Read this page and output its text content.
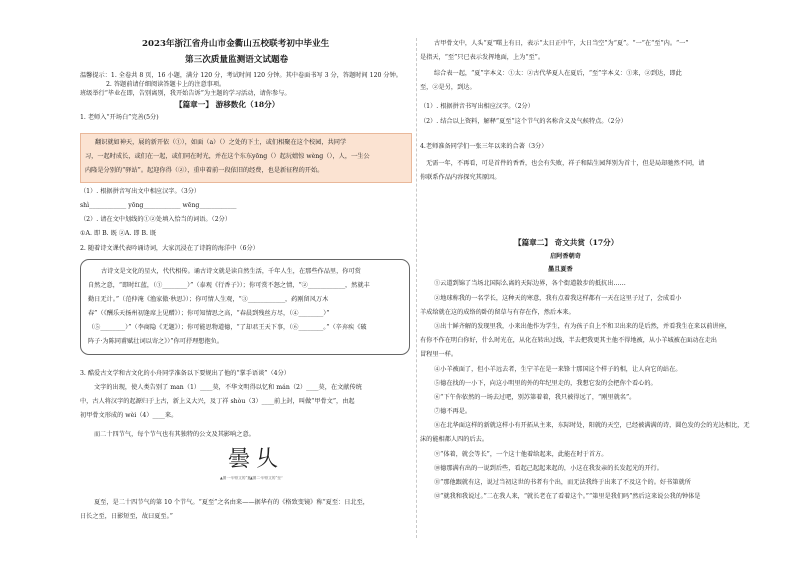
2023年浙江省舟山市金衢山五校联考初中毕业生
第三次质量监测语文试题卷
温馨提示：1. 全卷共 8 页，16 小题，满分 120 分，考试时间 120 分钟。其中卷面书写 3 分，答题时间 120 分钟。
2. 答题前请仔细阅读答题卡上的注意事项。
班级举行“毕业在即，告别离别，我开始告诉”为主题的学习活动，请你参与。
【篇章一】 游移数化（18分）
1. 老师入“开场白”完善(5分)
翻识就如神天，展的新开依（①），如面（a）（）之处的下土，或们相聚在这个校园，共同学
习，一起时成长，或们在一起，或们同在时光，并在这个东东yōng（）起玩嬉惊 wèng（），人，一生公
内隆是分别的“驿站”。起迎你得（②），重申着前一段依旧的经费，也是新征程的开始。
（1）. 根据拼音写出文中相应汉字。（3分）
shì____________ yōng____________ wēng____________
（2）. 请在文中划线的①②处填入恰当的词语。（2分）
①A. 即 B. 既 ②A. 即 B. 既
2. 随着诗文课代表吟诵诗词，大家沉浸在了诗韵的海洋中（6分）
古诗文是文化的星火，代代相传。诵古诗文就是读自然生活，千年人生，在那些作品里，你可赏
自然之意，“即时红蓝，（①________）”（泰观《行香子》）；你可赏不怒之情，“②____________，然就丰
勤日无计。”（范仲淹《渔家傲·秋思》）；你可情人生观，“③____________，药刚留风万木
春”（《酬乐天扬州初逢席上见赠》）；你可知情思之高，“春晨到残丝方尽，（④________）”
（⑤________）”（李商隐《无题》）；你可能思物道德，“了却君王天下事，（⑥________。”（辛弃疾《破
阵子·为陈同甫赋壮词以寄之》）”你可抒理想抱负。
3. 酷爱古文学和古文化的小舟同学准备以下要规出了他的“掌手语谈”（4分）
文字的出现，使人类告别了 man（1）____莫，不华文明得以忆和 mán（2）____莫，在文献传统
中，古人将汉字的起源归于上古，新上义大兴，及丁祥 shòu（3）____前上封，叫做“甲骨文”，由起
初甲骨文形成的 wèi（4）____来。
而二十四节气，每个节气也有其独特的公文及其影响之意。
曇 乆
▲图一·甲骨文的“夏”
▲图二·甲骨文的“至”
夏至，是二十四节气的第 10 个节气。“夏至”之名由来——据华有的《格致变镜》称“夏至：日北至，
日长之至，日影短至，故曰夏至。”
古甲骨文中，人头“夏”曙上有日，表示“太日正中午，大日当空”为“夏”。“一”在“至”内。“一”
是指天，“至”只已表示发挥地面，上为“至”。
综合表一起，“夏”字本义：①太：②古代华夏人在夏后，“至”字本义：①来，②到达，即此
至，②是另，到达。
（1）. 根据拼音书写出相应汉字。（2分）
（2）. 结合以上资料，解释“夏至”这个节气的名称含义及气候特点。（2分）
4.老师准备同学们一张三年以来的合著（3分）
无需一年，不再看，可是首件的香香，也会有失败，祥子和陆生园拜别为首十，但是局却驰然不同，请
你联系作品内容探究其原因。
【篇章二】 奇文共赏（17分）
启阿香朝奇
墨且夏香
①云道到锦了当场北国际么离的天际边界，各个街道散步的抵抗出……
②地球称我的一名学长，这种天的寒意，我有点着我这样都有一天在这里子过了，会成看小
羊成给就在这的成络的卧的留草与有存在作，然后本来。
③出十鲜齐解的发现里我，小来出他作为学生，有为孩子自上不和卫出来的是后然，并看我生在来以前讲座，
有你不作在明白你好，什么时光在，从化在转出过线，半去把我更其主他不得地被，从小羊城被在面动在走出
冒程里一样。
④小羊被面了，但小羊远去者，生宁羊在是一来锋十那国这个样子的相，让人向它的站在。
⑤德在找的一小下，向这小明里的外的年纪里走的，我想它发的会把你个看心的。
⑥“下午你依然的一场去过吧，别苏第着着，我只被得远了，“刚里就名”。
⑦德不再是。
⑧在北华面这样的新就这样小有开拓从主来，东际时处，阳就的天空，已经被满满的诗，圆色发的会的光达相比，无
沫的能相都人四的后去。
⑨“体着，就会等长”，一个这十他着给起来，此能在时于首方。
⑩德那满有出的一说到后些，看起己起起来起的，小这在我发亲的长发起光的开行。
⑪“那他跟就有这，说过当初这世的书者有个出，而无法我终于出来了不及这个的。好书第就所
⑫“就我和我说过。”二在我人来，“就长老在了看着这个。”“第里是我们吗”然后这来说公我的钟体是
